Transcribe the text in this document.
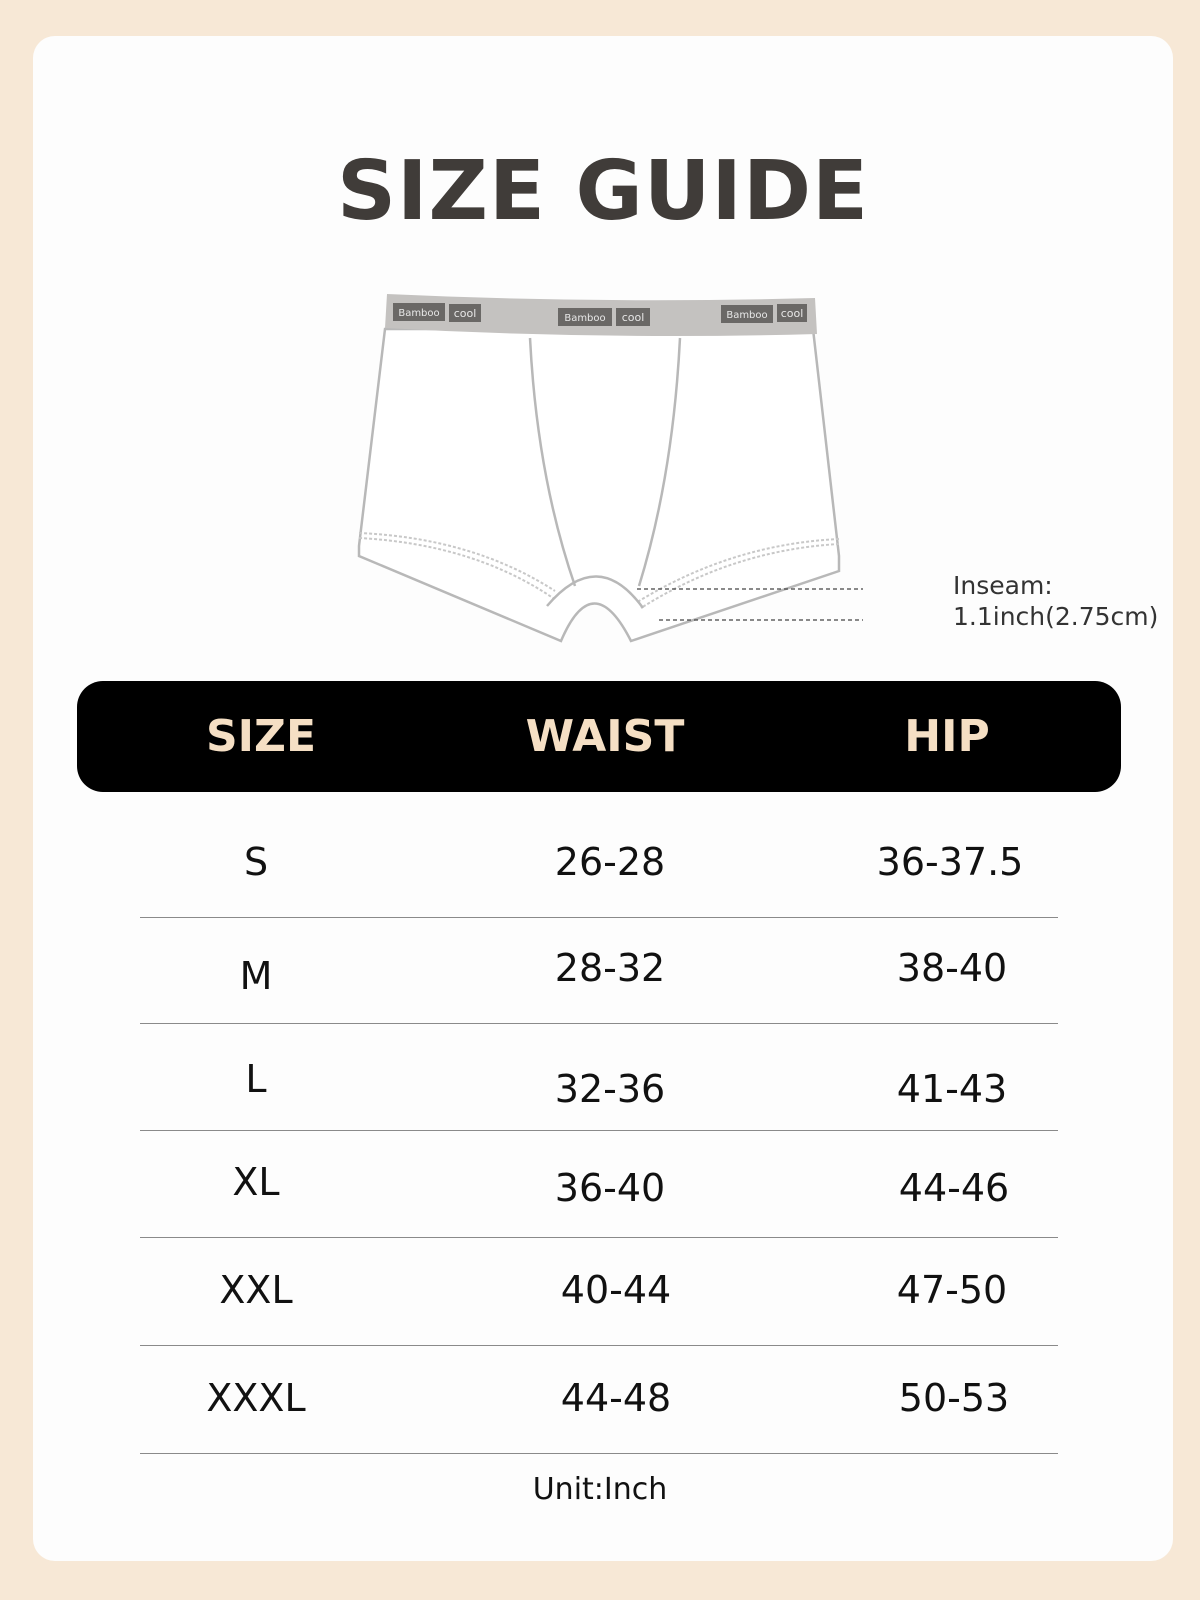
SIZE GUIDE
Bamboo cool	Bamboo cool	Bamboo cool
Inseam:
1.1inch(2.75cm)
SIZE	WAIST	HIP
S	26-28	36-37.5
M	28-32	38-40
L	32-36	41-43
XL	36-40	44-46
XXL	40-44	47-50
XXXL	44-48	50-53
Unit:Inch
